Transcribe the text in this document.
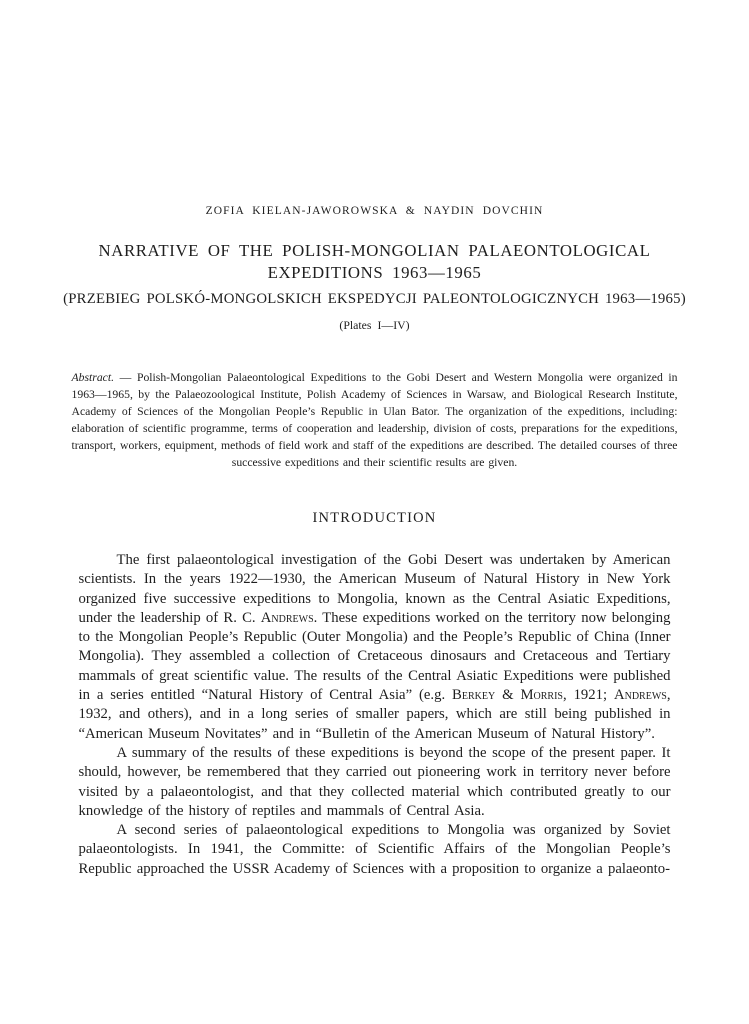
ZOFIA KIELAN-JAWOROWSKA & NAYDIN DOVCHIN
NARRATIVE OF THE POLISH-MONGOLIAN PALAEONTOLOGICAL EXPEDITIONS 1963—1965
(PRZEBIEG POLSKÓ-MONGOLSKICH EKSPEDYCJI PALEONTOLOGICZNYCH 1963—1965)
(Plates I—IV)

Abstract. — Polish-Mongolian Palaeontological Expeditions to the Gobi Desert and Western Mongolia were organized in 1963—1965, by the Palaeozoological Institute, Polish Academy of Sciences in Warsaw, and Biological Research Institute, Academy of Sciences of the Mongolian People’s Republic in Ulan Bator. The organization of the expeditions, including: elaboration of scientific programme, terms of cooperation and leadership, division of costs, preparations for the expeditions, transport, workers, equipment, methods of field work and staff of the expeditions are described. The detailed courses of three successive expeditions and their scientific results are given.

INTRODUCTION

The first palaeontological investigation of the Gobi Desert was undertaken by American scientists. In the years 1922—1930, the American Museum of Natural History in New York organized five successive expeditions to Mongolia, known as the Central Asiatic Expeditions, under the leadership of R. C. Andrews. These expeditions worked on the territory now belonging to the Mongolian People’s Republic (Outer Mongolia) and the People’s Republic of China (Inner Mongolia). They assembled a collection of Cretaceous dinosaurs and Cretaceous and Tertiary mammals of great scientific value. The results of the Central Asiatic Expeditions were published in a series entitled “Natural History of Central Asia” (e.g. Berkey & Morris, 1921; Andrews, 1932, and others), and in a long series of smaller papers, which are still being published in “American Museum Novitates” and in “Bulletin of the American Museum of Natural History”.

A summary of the results of these expeditions is beyond the scope of the present paper. It should, however, be remembered that they carried out pioneering work in territory never before visited by a palaeontologist, and that they collected material which contributed greatly to our knowledge of the history of reptiles and mammals of Central Asia.

A second series of palaeontological expeditions to Mongolia was organized by Soviet palaeontologists. In 1941, the Committe: of Scientific Affairs of the Mongolian People’s Republic approached the USSR Academy of Sciences with a proposition to organize a palaeonto-
